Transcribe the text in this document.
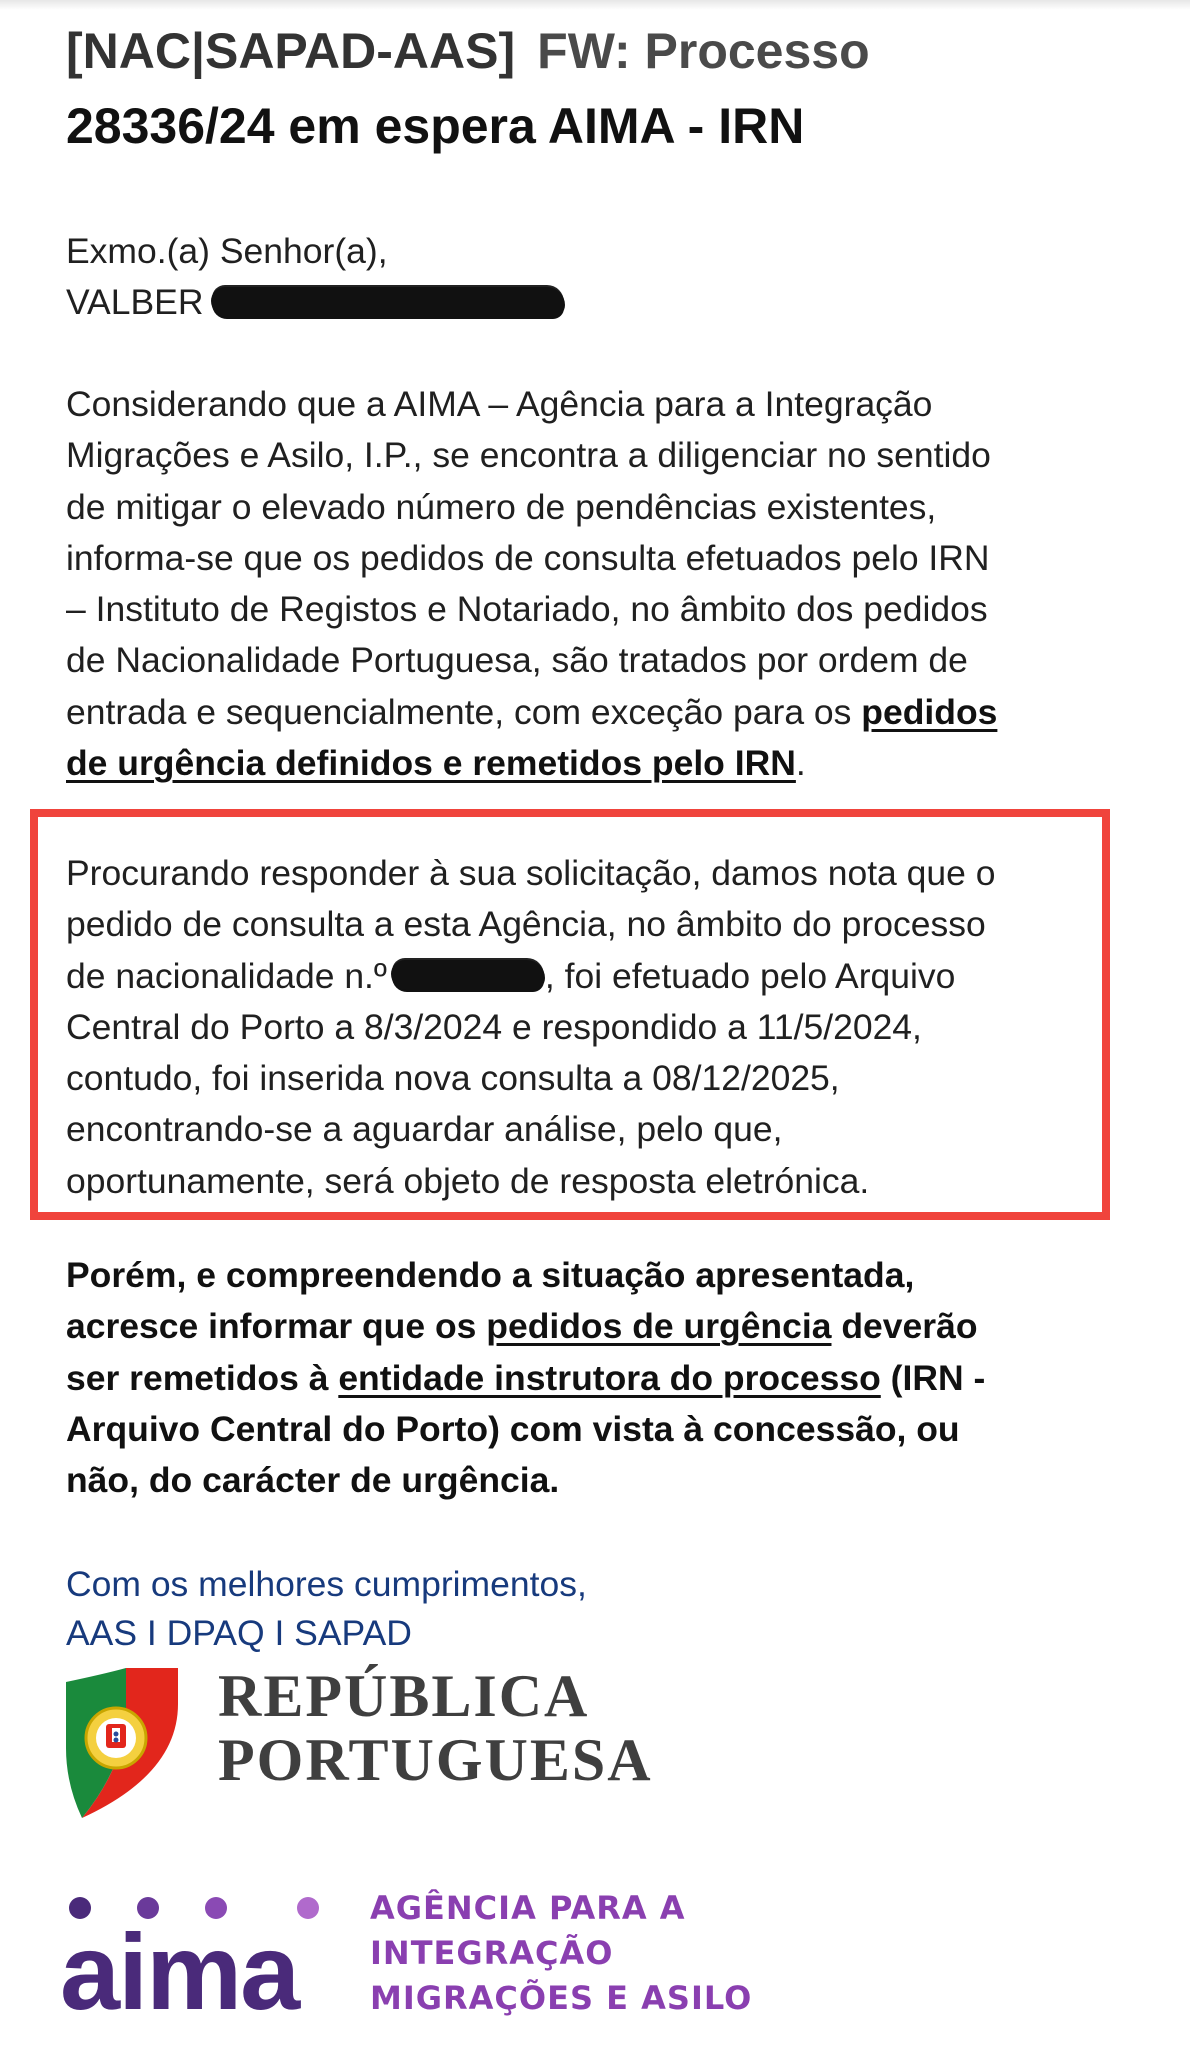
[NAC|SAPAD-AAS] FW: Processo
28336/24 em espera AIMA - IRN
Exmo.(a) Senhor(a),
VALBER
Considerando que a AIMA – Agência para a Integração
Migrações e Asilo, I.P., se encontra a diligenciar no sentido
de mitigar o elevado número de pendências existentes,
informa-se que os pedidos de consulta efetuados pelo IRN
– Instituto de Registos e Notariado, no âmbito dos pedidos
de Nacionalidade Portuguesa, são tratados por ordem de
entrada e sequencialmente, com exceção para os pedidos
de urgência definidos e remetidos pelo IRN.
Procurando responder à sua solicitação, damos nota que o
pedido de consulta a esta Agência, no âmbito do processo
de nacionalidade n.º	, foi efetuado pelo Arquivo
Central do Porto a 8/3/2024 e respondido a 11/5/2024,
contudo, foi inserida nova consulta a 08/12/2025,
encontrando-se a aguardar análise, pelo que,
oportunamente, será objeto de resposta eletrónica.
Porém, e compreendendo a situação apresentada,
acresce informar que os pedidos de urgência deverão
ser remetidos à entidade instrutora do processo (IRN -
Arquivo Central do Porto) com vista à concessão, ou
não, do carácter de urgência.
Com os melhores cumprimentos,
AAS I DPAQ I SAPAD
REPÚBLICA
PORTUGUESA
aima
AGÊNCIA PARA A
INTEGRAÇÃO
MIGRAÇÕES E ASILO
